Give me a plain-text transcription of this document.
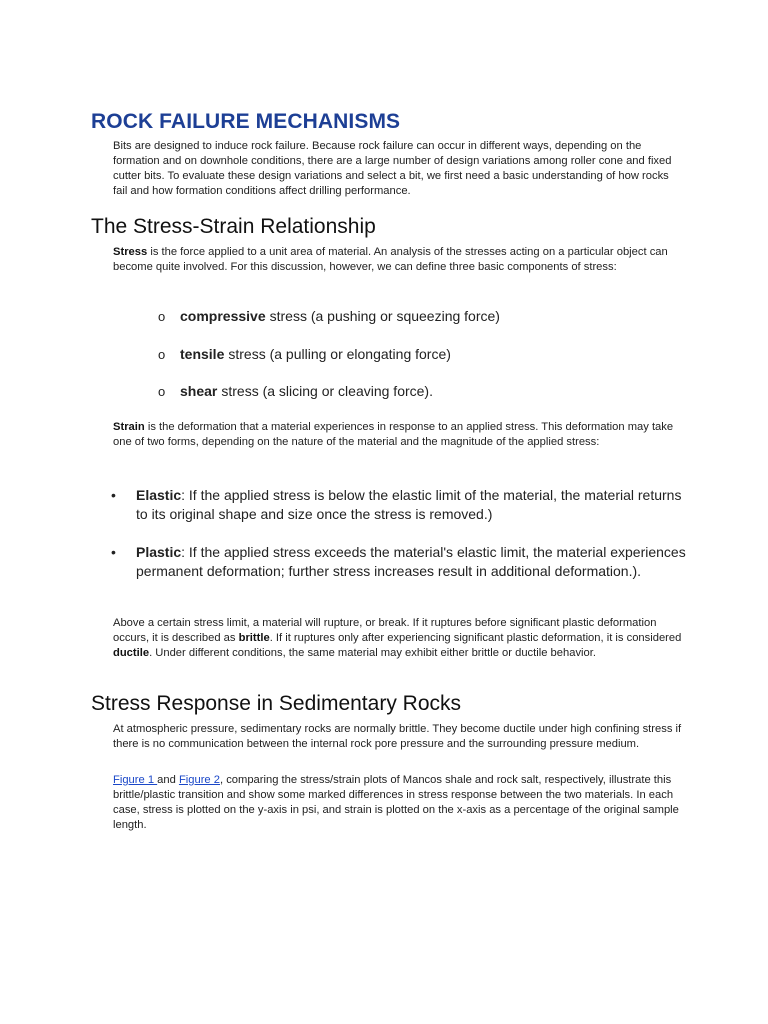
ROCK FAILURE MECHANISMS

Bits are designed to induce rock failure. Because rock failure can occur in different ways, depending on the formation and on downhole conditions, there are a large number of design variations among roller cone and fixed cutter bits. To evaluate these design variations and select a bit, we first need a basic understanding of how rocks fail and how formation conditions affect drilling performance.

The Stress-Strain Relationship

Stress is the force applied to a unit area of material. An analysis of the stresses acting on a particular object can become quite involved. For this discussion, however, we can define three basic components of stress:

o	compressive stress (a pushing or squeezing force)

o	tensile stress (a pulling or elongating force)

o	shear stress (a slicing or cleaving force).

Strain is the deformation that a material experiences in response to an applied stress. This deformation may take one of two forms, depending on the nature of the material and the magnitude of the applied stress:

•	Elastic: If the applied stress is below the elastic limit of the material, the material returns to its original shape and size once the stress is removed.)
•	Plastic: If the applied stress exceeds the material's elastic limit, the material experiences permanent deformation; further stress increases result in additional deformation.).

Above a certain stress limit, a material will rupture, or break. If it ruptures before significant plastic deformation occurs, it is described as brittle. If it ruptures only after experiencing significant plastic deformation, it is considered ductile. Under different conditions, the same material may exhibit either brittle or ductile behavior.

Stress Response in Sedimentary Rocks

At atmospheric pressure, sedimentary rocks are normally brittle. They become ductile under high confining stress if there is no communication between the internal rock pore pressure and the surrounding pressure medium.

Figure 1 and Figure 2, comparing the stress/strain plots of Mancos shale and rock salt, respectively, illustrate this brittle/plastic transition and show some marked differences in stress response between the two materials. In each case, stress is plotted on the y-axis in psi, and strain is plotted on the x-axis as a percentage of the original sample length.
